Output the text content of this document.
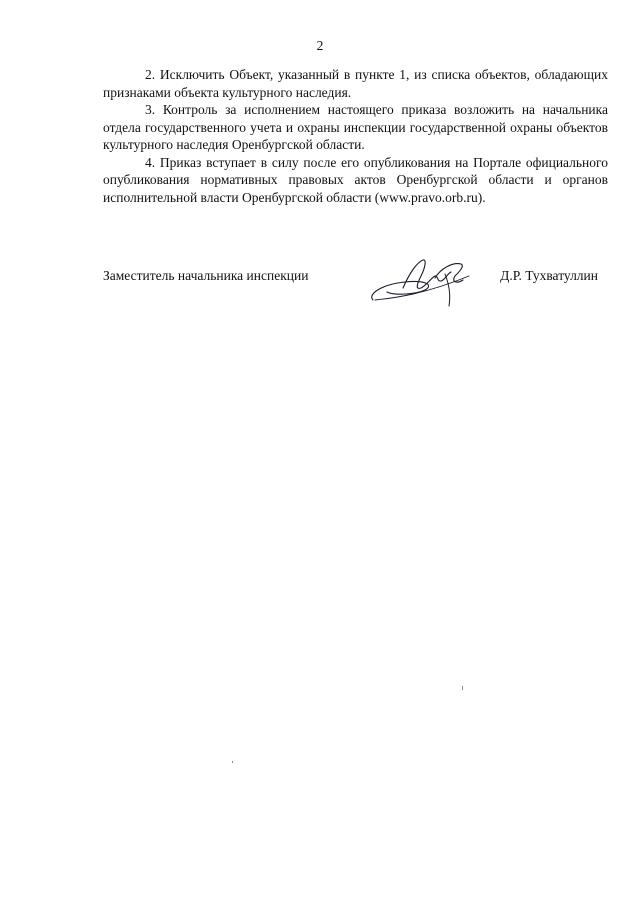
2

2. Исключить Объект, указанный в пункте 1, из списка объектов, обладающих признаками объекта культурного наследия.

3. Контроль за исполнением настоящего приказа возложить на начальника отдела государственного учета и охраны инспекции государственной охраны объектов культурного наследия Оренбургской области.

4. Приказ вступает в силу после его опубликования на Портале официального опубликования нормативных правовых актов Оренбургской области и органов исполнительной власти Оренбургской области (www.pravo.orb.ru).

Заместитель начальника инспекции	Д.Р. Тухватуллин
